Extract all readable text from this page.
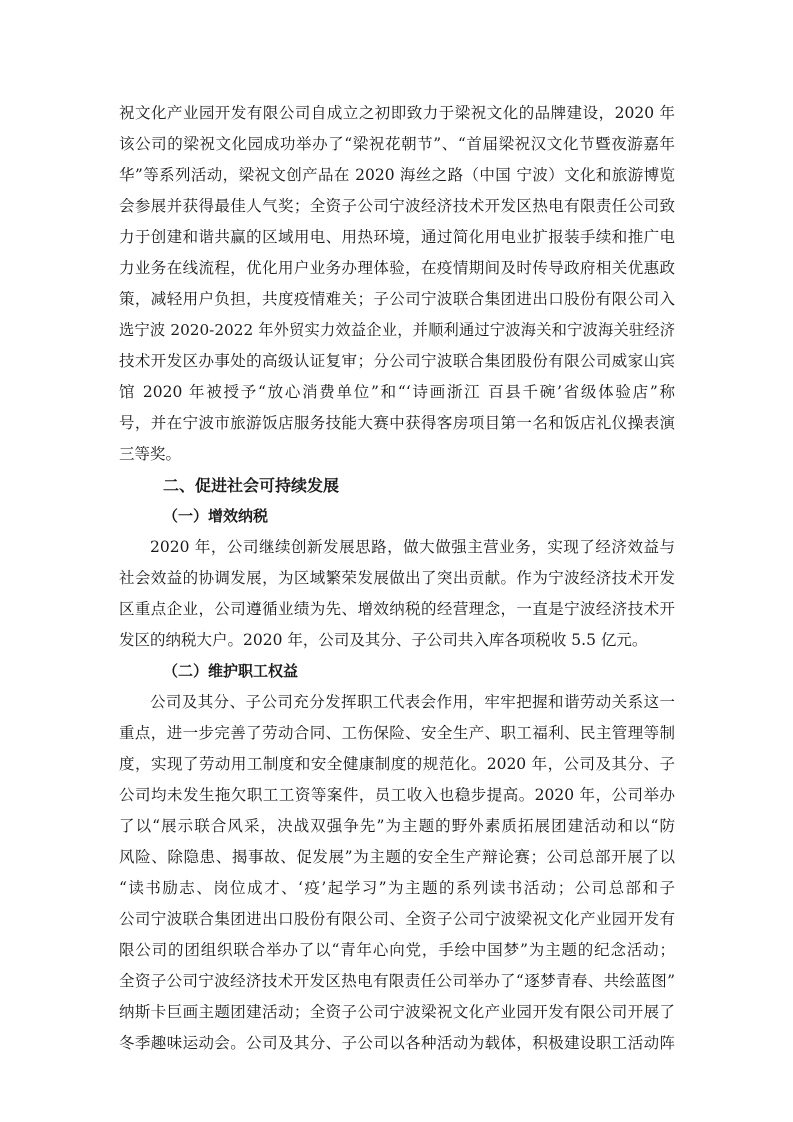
祝文化产业园开发有限公司自成立之初即致力于梁祝文化的品牌建设，2020 年
该公司的梁祝文化园成功举办了“梁祝花朝节”、“首届梁祝汉文化节暨夜游嘉年
华”等系列活动，梁祝文创产品在 2020 海丝之路（中国 宁波）文化和旅游博览
会参展并获得最佳人气奖；全资子公司宁波经济技术开发区热电有限责任公司致
力于创建和谐共赢的区域用电、用热环境，通过简化用电业扩报装手续和推广电
力业务在线流程，优化用户业务办理体验，在疫情期间及时传导政府相关优惠政
策，减轻用户负担，共度疫情难关；子公司宁波联合集团进出口股份有限公司入
选宁波 2020-2022 年外贸实力效益企业，并顺利通过宁波海关和宁波海关驻经济
技术开发区办事处的高级认证复审；分公司宁波联合集团股份有限公司威家山宾
馆 2020 年被授予“放心消费单位”和“‘诗画浙江 百县千碗’省级体验店”称
号，并在宁波市旅游饭店服务技能大赛中获得客房项目第一名和饭店礼仪操表演
三等奖。
二、促进社会可持续发展
（一）增效纳税
2020 年，公司继续创新发展思路，做大做强主营业务，实现了经济效益与
社会效益的协调发展，为区域繁荣发展做出了突出贡献。作为宁波经济技术开发
区重点企业，公司遵循业绩为先、增效纳税的经营理念，一直是宁波经济技术开
发区的纳税大户。2020 年，公司及其分、子公司共入库各项税收 5.5 亿元。
（二）维护职工权益
公司及其分、子公司充分发挥职工代表会作用，牢牢把握和谐劳动关系这一
重点，进一步完善了劳动合同、工伤保险、安全生产、职工福利、民主管理等制
度，实现了劳动用工制度和安全健康制度的规范化。2020 年，公司及其分、子
公司均未发生拖欠职工工资等案件，员工收入也稳步提高。2020 年，公司举办
了以“展示联合风采，决战双强争先”为主题的野外素质拓展团建活动和以“防
风险、除隐患、揭事故、促发展”为主题的安全生产辩论赛；公司总部开展了以
“读书励志、岗位成才、‘疫’起学习”为主题的系列读书活动；公司总部和子
公司宁波联合集团进出口股份有限公司、全资子公司宁波梁祝文化产业园开发有
限公司的团组织联合举办了以“青年心向党，手绘中国梦”为主题的纪念活动；
全资子公司宁波经济技术开发区热电有限责任公司举办了“逐梦青春、共绘蓝图”
纳斯卡巨画主题团建活动；全资子公司宁波梁祝文化产业园开发有限公司开展了
冬季趣味运动会。公司及其分、子公司以各种活动为载体，积极建设职工活动阵
